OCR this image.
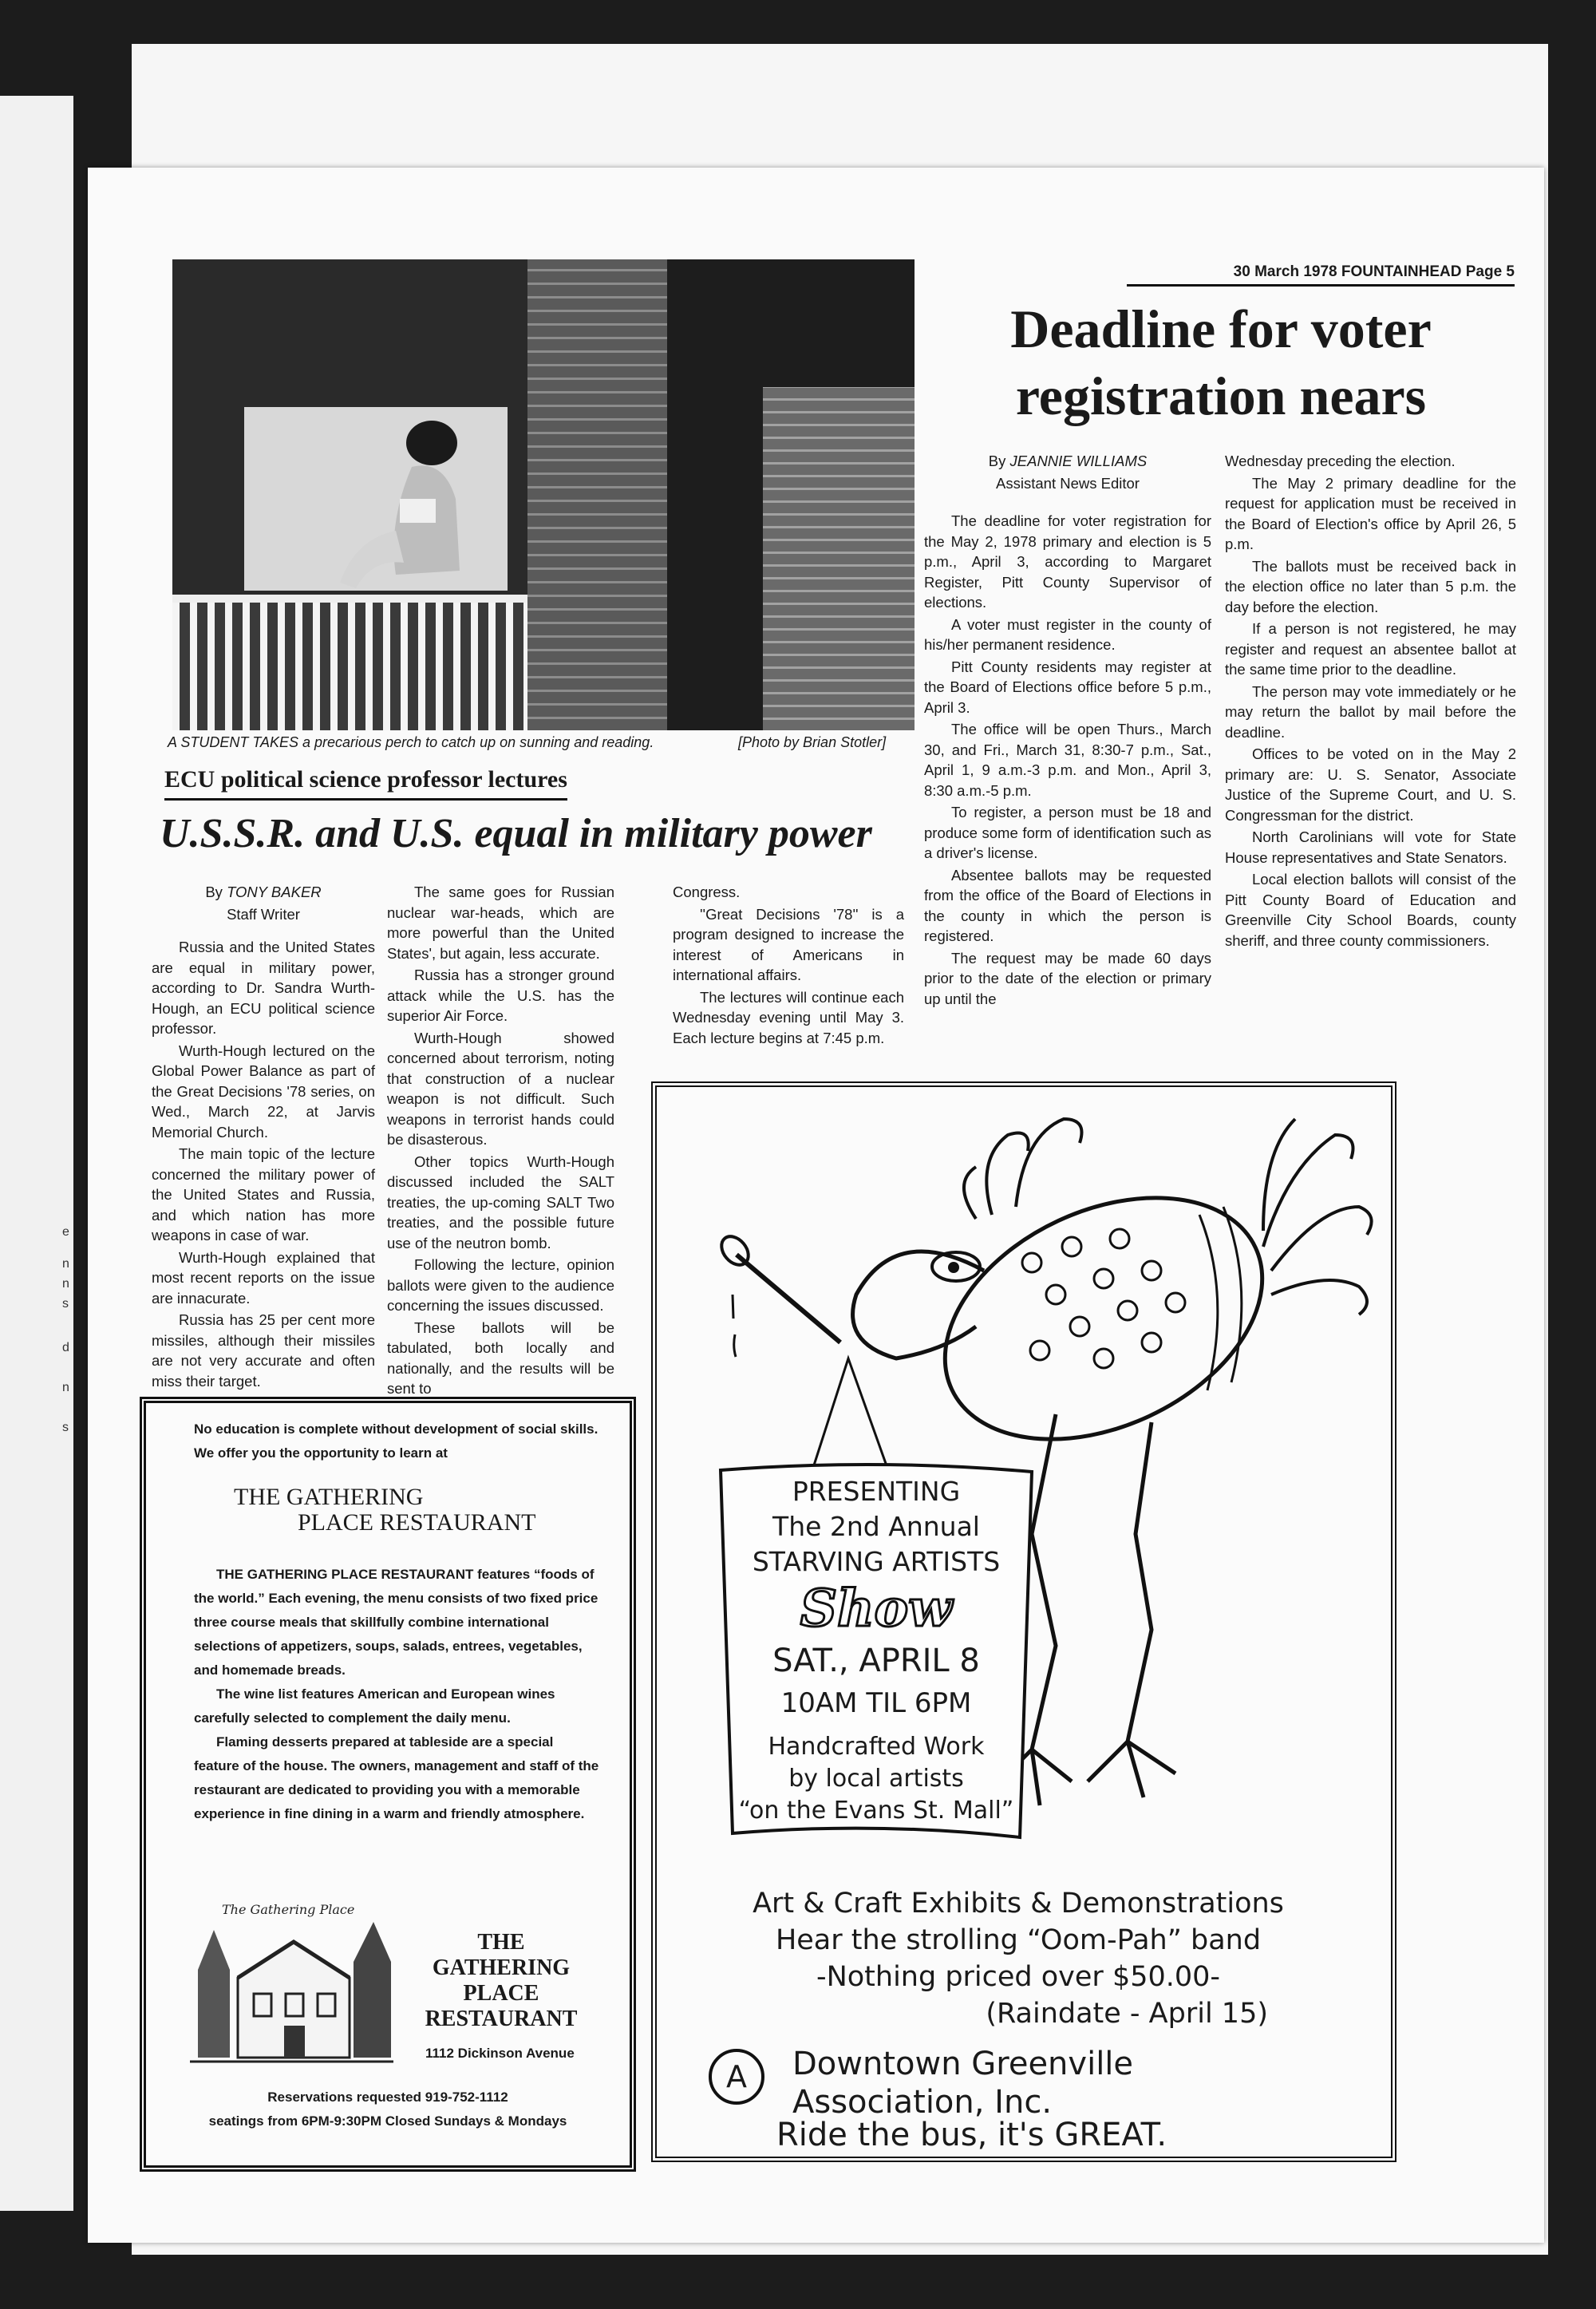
e
n
n
s
d
n
s
30 March 1978 FOUNTAINHEAD Page 5
A STUDENT TAKES a precarious perch to catch up on sunning and reading.	[Photo by Brian Stotler]
Deadline for voter registration nears

By JEANNIE WILLIAMS

Assistant News Editor

The deadline for voter registration for the May 2, 1978 primary and election is 5 p.m., April 3, according to Margaret Register, Pitt County Supervisor of elections.

A voter must register in the county of his/her permanent residence.

Pitt County residents may register at the Board of Elections office before 5 p.m., April 3.

The office will be open Thurs., March 30, and Fri., March 31, 8:30-7 p.m., Sat., April 1, 9 a.m.-3 p.m. and Mon., April 3, 8:30 a.m.-5 p.m.

To register, a person must be 18 and produce some form of identification such as a driver's license.

Absentee ballots may be requested from the office of the Board of Elections in the county in which the person is registered.

The request may be made 60 days prior to the date of the election or primary up until the

Wednesday preceding the election.

The May 2 primary deadline for the request for application must be received in the Board of Election's office by April 26, 5 p.m.

The ballots must be received back in the election office no later than 5 p.m. the day before the election.

If a person is not registered, he may register and request an absentee ballot at the same time prior to the deadline.

The person may vote immediately or he may return the ballot by mail before the deadline.

Offices to be voted on in the May 2 primary are: U. S. Senator, Associate Justice of the Supreme Court, and U. S. Congressman for the district.

North Carolinians will vote for State House representatives and State Senators.

Local election ballots will consist of the Pitt County Board of Education and Greenville City School Boards, county sheriff, and three county commissioners.

ECU political science professor lectures
U.S.S.R. and U.S. equal in military power

By TONY BAKER

Staff Writer

Russia and the United States are equal in military power, according to Dr. Sandra Wurth-Hough, an ECU political science professor.

Wurth-Hough lectured on the Global Power Balance as part of the Great Decisions '78 series, on Wed., March 22, at Jarvis Memorial Church.

The main topic of the lecture concerned the military power of the United States and Russia, and which nation has more weapons in case of war.

Wurth-Hough explained that most recent reports on the issue are innacurate.

Russia has 25 per cent more missiles, although their missiles are not very accurate and often miss their target.

The same goes for Russian nuclear war-heads, which are more powerful than the United States', but again, less accurate.

Russia has a stronger ground attack while the U.S. has the superior Air Force.

Wurth-Hough showed concerned about terrorism, noting that construction of a nuclear weapon is not difficult. Such weapons in terrorist hands could be disasterous.

Other topics Wurth-Hough discussed included the SALT treaties, the up-coming SALT Two treaties, and the possible future use of the neutron bomb.

Following the lecture, opinion ballots were given to the audience concerning the issues discussed.

These ballots will be tabulated, both locally and nationally, and the results will be sent to

Congress.

''Great Decisions '78'' is a program designed to increase the interest of Americans in international affairs.

The lectures will continue each Wednesday evening until May 3. Each lecture begins at 7:45 p.m.

No education is complete without development of social skills. We offer you the opportunity to learn at
THE GATHERING
PLACE RESTAURANT
THE GATHERING PLACE RESTAURANT features “foods of the world.” Each evening, the menu consists of two fixed price three course meals that skillfully combine international selections of appetizers, soups, salads, entrees, vegetables, and homemade breads.
The wine list features American and European wines carefully selected to complement the daily menu.
Flaming desserts prepared at tableside are a special feature of the house. The owners, management and staff of the restaurant are dedicated to providing you with a memorable experience in fine dining in a warm and friendly atmosphere.
The Gathering Place
THE
GATHERING
PLACE
RESTAURANT
1112 Dickinson Avenue
Reservations requested 919-752-1112
seatings from 6PM-9:30PM Closed Sundays & Mondays
PRESENTING
The 2nd Annual
STARVING ARTISTS
Show
SAT., APRIL 8
10AM TIL 6PM
Handcrafted Work
by local artists
“on the Evans St. Mall”
Art & Craft Exhibits & Demonstrations
Hear the strolling “Oom-Pah” band
-Nothing priced over $50.00-
(Raindate - April 15)
A	Downtown Greenville
Association, Inc.
Ride the bus, it's GREAT.
